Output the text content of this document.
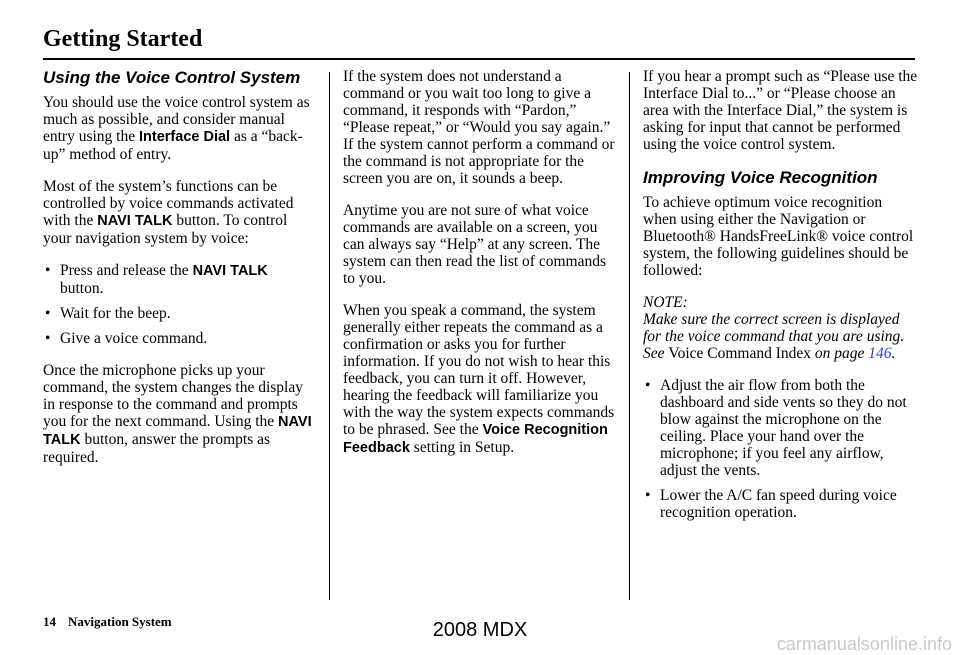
Getting Started
Using the Voice Control System

You should use the voice control system as much as possible, and consider manual entry using the Interface Dial as a “back-up” method of entry.

Most of the system’s functions can be controlled by voice commands activated with the NAVI TALK button. To control your navigation system by voice:

• Press and release the NAVI TALK button.
• Wait for the beep.
• Give a voice command.

Once the microphone picks up your command, the system changes the display in response to the command and prompts you for the next command. Using the NAVI TALK button, answer the prompts as required.

If the system does not understand a command or you wait too long to give a command, it responds with “Pardon,” “Please repeat,” or “Would you say again.” If the system cannot perform a command or the command is not appropriate for the screen you are on, it sounds a beep.

Anytime you are not sure of what voice commands are available on a screen, you can always say “Help” at any screen. The system can then read the list of commands to you.

When you speak a command, the system generally either repeats the command as a confirmation or asks you for further information. If you do not wish to hear this feedback, you can turn it off. However, hearing the feedback will familiarize you with the way the system expects commands to be phrased. See the Voice Recognition Feedback setting in Setup.

If you hear a prompt such as “Please use the Interface Dial to...” or “Please choose an area with the Interface Dial,” the system is asking for input that cannot be performed using the voice control system.

Improving Voice Recognition

To achieve optimum voice recognition when using either the Navigation or Bluetooth® HandsFreeLink® voice control system, the following guidelines should be followed:

NOTE:
Make sure the correct screen is displayed for the voice command that you are using. See Voice Command Index on page 146.

• Adjust the air flow from both the dashboard and side vents so they do not blow against the microphone on the ceiling. Place your hand over the microphone; if you feel any airflow, adjust the vents.
• Lower the A/C fan speed during voice recognition operation.
14 Navigation System	2008 MDX
carmanualsonline.info
